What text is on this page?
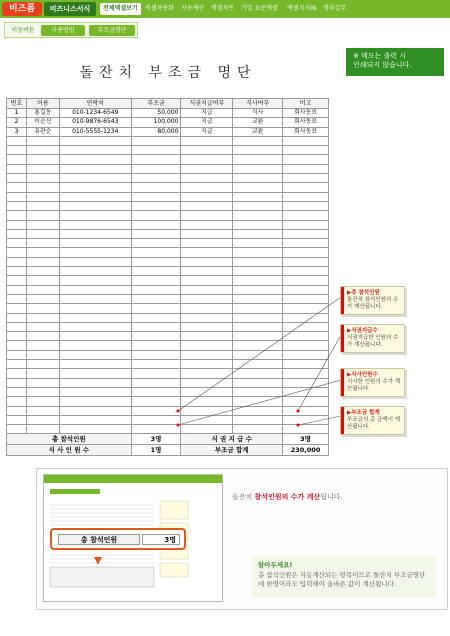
비즈폼	비즈니스서식	전체엑셀보기	엑셀자동화	자동계산	엑셀차트	기업 표준엑셀	엑셀지식IN	경리실무
이동버튼	사용방법	부조금명단
※ 메모는 출력 시
인쇄되지 않습니다.
돌잔치 부조금 명단
번호	이름	연락처	부조금	식권지급여부	식사여부	비고
1	홍길동	010-1234-6549	50,000	지급	식사	회사동료
2	이순신	010-9876-6543	100,000	지급	교환	회사동료
3	유관순	010-5555-1234	80,000	지급	교환	회사동료

총 참석인원			3명	식 권 지 급 수		3명
식 사 인 원 수			1명	부조금 합계		230,000
▶총 참석인원
돌잔치 참석인원의 수가 계산됩니다.
▶식권지급수
식권지급한 인원의 수가 계산됩니다.
▶식사인원수
식사한 인원의 수가 계산됩니다.
▶부조금 합계
부조금의 총 금액이 계산됩니다.
총 참석인원	3명
돌잔치 참석인원의 수가 계산됩니다.
알아두세요!
총 참석인원은 자동계산되는 항목이므로 돌잔치 부조금명단에 한명이라도 입력해야 올바른 값이 계산됩니다.
